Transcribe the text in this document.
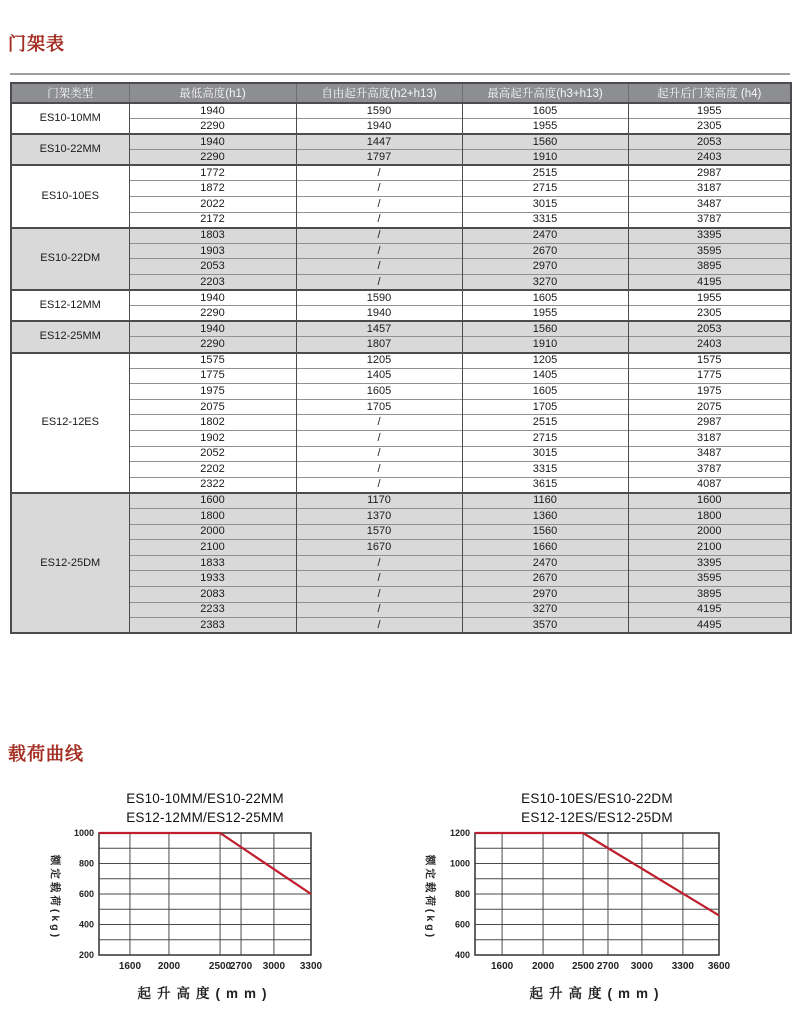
门架表
门架类型	最低高度(h1)	自由起升高度(h2+h13)	最高起升高度(h3+h13)	起升后门架高度 (h4)
ES10-10MM	1940	1590	1605	1955
	2290	1940	1955	2305
ES10-22MM	1940	1447	1560	2053
	2290	1797	1910	2403
ES10-10ES	1772	/	2515	2987
	1872	/	2715	3187
	2022	/	3015	3487
	2172	/	3315	3787
ES10-22DM	1803	/	2470	3395
	1903	/	2670	3595
	2053	/	2970	3895
	2203	/	3270	4195
ES12-12MM	1940	1590	1605	1955
	2290	1940	1955	2305
ES12-25MM	1940	1457	1560	2053
	2290	1807	1910	2403
ES12-12ES	1575	1205	1205	1575
	1775	1405	1405	1775
	1975	1605	1605	1975
	2075	1705	1705	2075
	1802	/	2515	2987
	1902	/	2715	3187
	2052	/	3015	3487
	2202	/	3315	3787
	2322	/	3615	4087
ES12-25DM	1600	1170	1160	1600
	1800	1370	1360	1800
	2000	1570	1560	2000
	2100	1670	1660	2100
	1833	/	2470	3395
	1933	/	2670	3595
	2083	/	2970	3895
	2233	/	3270	4195
	2383	/	3570	4495
载荷曲线
ES10-10MM/ES10-22MM
ES12-12MM/ES12-25MM
额定载荷(kg)
200
400
600
800
1000
1600 2000	2500
2700 3000 3300
起升高度(mm)
ES10-10ES/ES10-22DM
ES12-12ES/ES12-25DM
额定载荷(kg)
400
600
800
1000
1200
1600 2000 2500 2700 3000 3300 3600
起升高度(mm)
